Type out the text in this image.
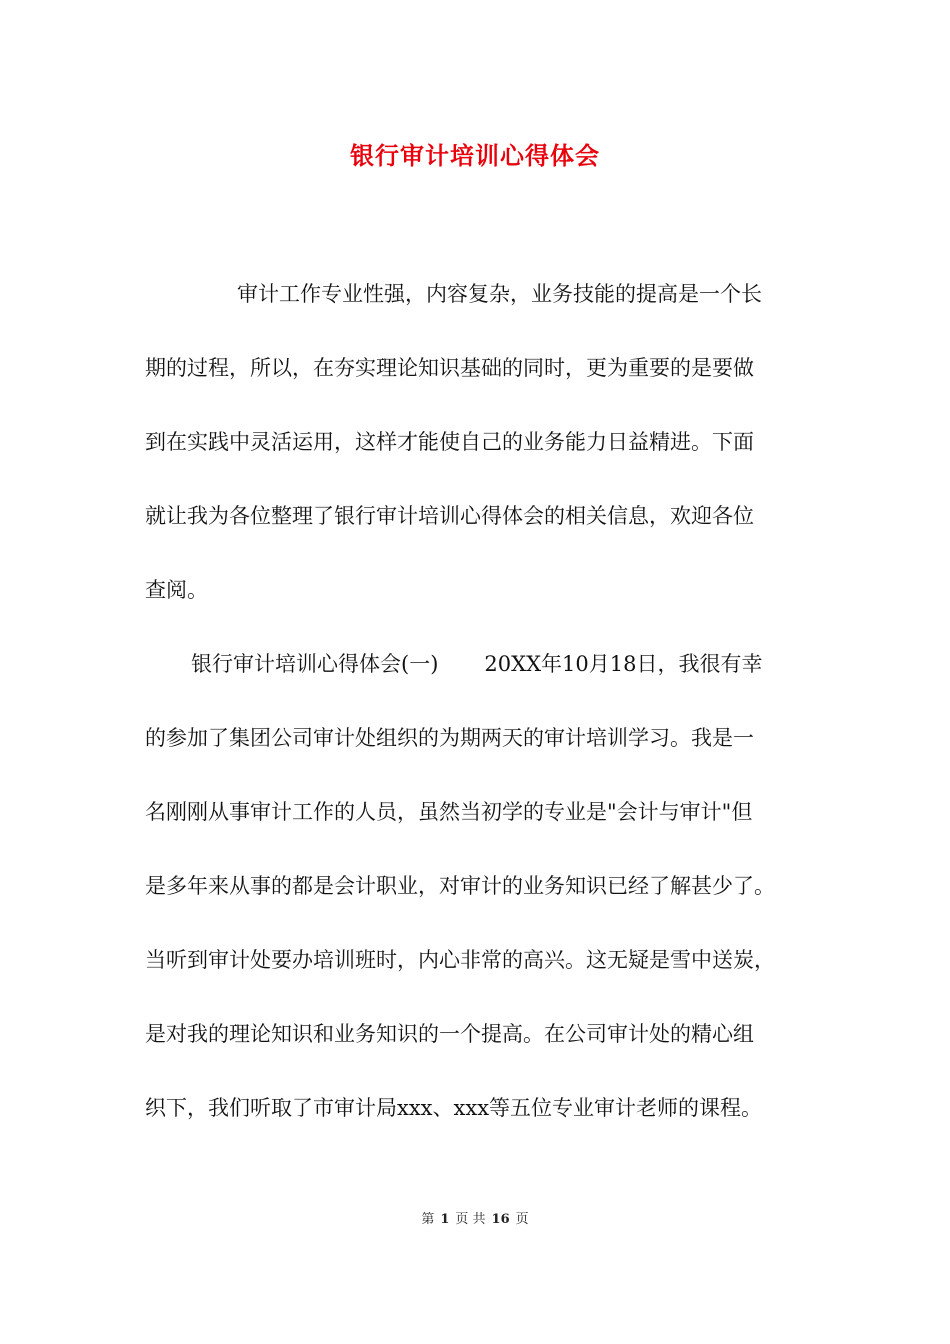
银行审计培训心得体会
审计工作专业性强，内容复杂，业务技能的提高是一个长
期的过程，所以，在夯实理论知识基础的同时，更为重要的是要做
到在实践中灵活运用，这样才能使自己的业务能力日益精进。下面
就让我为各位整理了银行审计培训心得体会的相关信息，欢迎各位
查阅。
银行审计培训心得体会(一) 20XX年10月18日，我很有幸
的参加了集团公司审计处组织的为期两天的审计培训学习。我是一
名刚刚从事审计工作的人员，虽然当初学的专业是"会计与审计"但
是多年来从事的都是会计职业，对审计的业务知识已经了解甚少了。
当听到审计处要办培训班时，内心非常的高兴。这无疑是雪中送炭，
是对我的理论知识和业务知识的一个提高。在公司审计处的精心组
织下，我们听取了市审计局xxx、xxx等五位专业审计老师的课程。
第 1 页 共 16 页
